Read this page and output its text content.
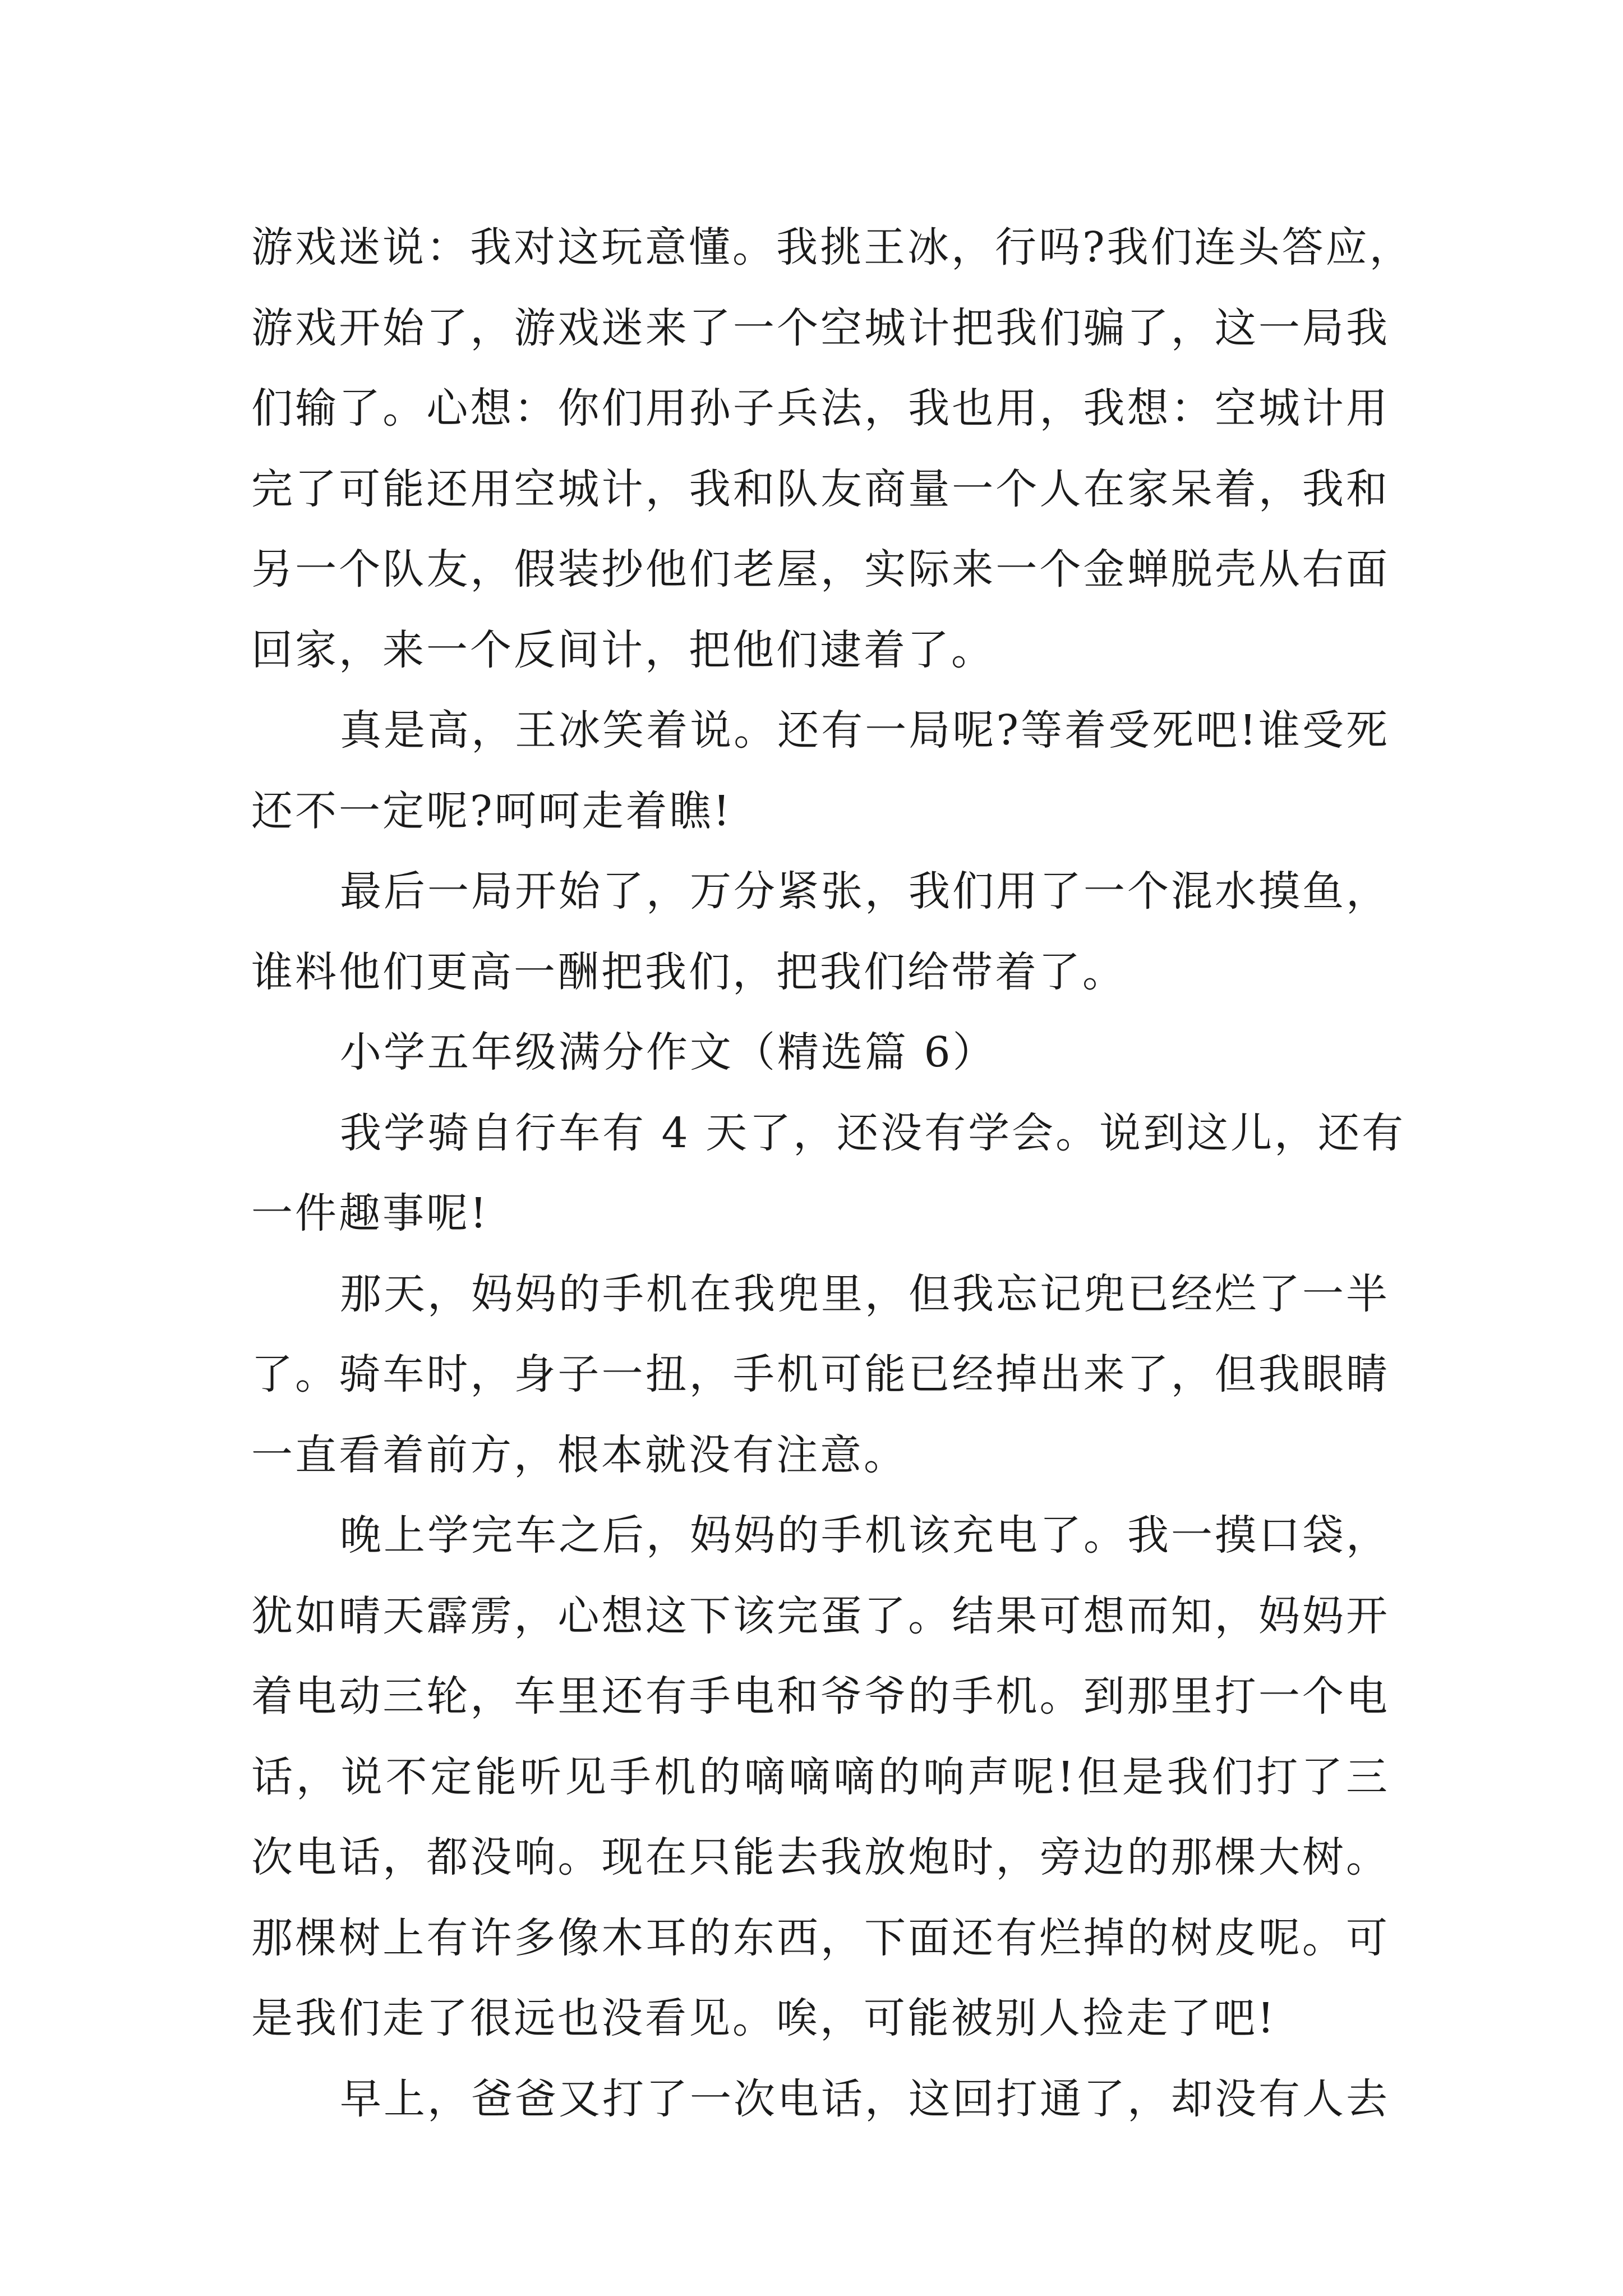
游戏迷说：我对这玩意懂。我挑王冰，行吗?我们连头答应，
游戏开始了，游戏迷来了一个空城计把我们骗了，这一局我
们输了。心想：你们用孙子兵法，我也用，我想：空城计用
完了可能还用空城计，我和队友商量一个人在家呆着，我和
另一个队友，假装抄他们老屋，实际来一个金蝉脱壳从右面
回家，来一个反间计，把他们逮着了。
真是高，王冰笑着说。还有一局呢?等着受死吧!谁受死
还不一定呢?呵呵走着瞧!
最后一局开始了，万分紧张，我们用了一个混水摸鱼，
谁料他们更高一酬把我们，把我们给带着了。
小学五年级满分作文（精选篇 6）
我学骑自行车有 4 天了，还没有学会。说到这儿，还有
一件趣事呢!
那天，妈妈的手机在我兜里，但我忘记兜已经烂了一半
了。骑车时，身子一扭，手机可能已经掉出来了，但我眼睛
一直看着前方，根本就没有注意。
晚上学完车之后，妈妈的手机该充电了。我一摸口袋，
犹如晴天霹雳，心想这下该完蛋了。结果可想而知，妈妈开
着电动三轮，车里还有手电和爷爷的手机。到那里打一个电
话，说不定能听见手机的嘀嘀嘀的响声呢!但是我们打了三
次电话，都没响。现在只能去我放炮时，旁边的那棵大树。
那棵树上有许多像木耳的东西，下面还有烂掉的树皮呢。可
是我们走了很远也没看见。唉，可能被别人捡走了吧!
早上，爸爸又打了一次电话，这回打通了，却没有人去
